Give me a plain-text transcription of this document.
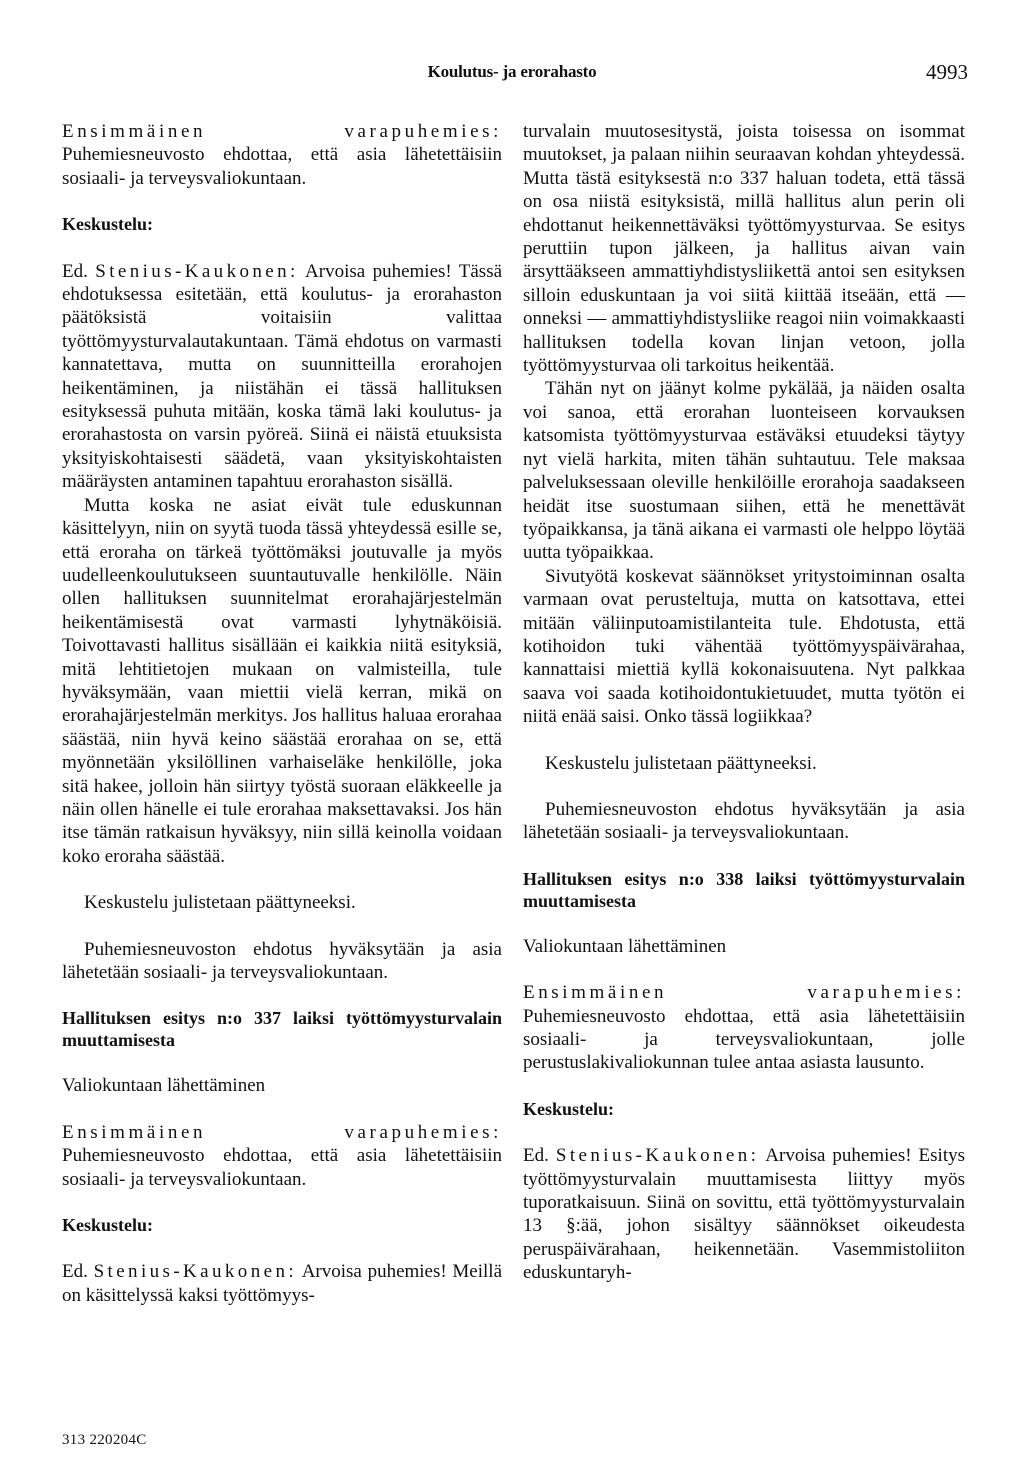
Koulutus- ja erorahasto	4993

Ensimmäinen varapuhemies: Puhemiesneuvosto ehdottaa, että asia lähetettäisiin sosiaali- ja terveysvaliokuntaan.

Keskustelu:

Ed. Stenius-Kaukonen: Arvoisa puhemies! Tässä ehdotuksessa esitetään, että koulutus- ja erorahaston päätöksistä voitaisiin valittaa työttömyysturvalautakuntaan. Tämä ehdotus on varmasti kannatettava, mutta on suunnitteilla erorahojen heikentäminen, ja niistähän ei tässä hallituksen esityksessä puhuta mitään, koska tämä laki koulutus- ja erorahastosta on varsin pyöreä. Siinä ei näistä etuuksista yksityiskohtaisesti säädetä, vaan yksityiskohtaisten määräysten antaminen tapahtuu erorahaston sisällä.

Mutta koska ne asiat eivät tule eduskunnan käsittelyyn, niin on syytä tuoda tässä yhteydessä esille se, että eroraha on tärkeä työttömäksi joutuvalle ja myös uudelleenkoulutukseen suuntautuvalle henkilölle. Näin ollen hallituksen suunnitelmat erorahajärjestelmän heikentämisestä ovat varmasti lyhytnäköisiä. Toivottavasti hallitus sisällään ei kaikkia niitä esityksiä, mitä lehtitietojen mukaan on valmisteilla, tule hyväksymään, vaan miettii vielä kerran, mikä on erorahajärjestelmän merkitys. Jos hallitus haluaa erorahaa säästää, niin hyvä keino säästää erorahaa on se, että myönnetään yksilöllinen varhaiseläke henkilölle, joka sitä hakee, jolloin hän siirtyy työstä suoraan eläkkeelle ja näin ollen hänelle ei tule erorahaa maksettavaksi. Jos hän itse tämän ratkaisun hyväksyy, niin sillä keinolla voidaan koko eroraha säästää.

Keskustelu julistetaan päättyneeksi.

Puhemiesneuvoston ehdotus hyväksytään ja asia lähetetään sosiaali- ja terveysvaliokuntaan.

Hallituksen esitys n:o 337 laiksi työttömyysturvalain muuttamisesta

Valiokuntaan lähettäminen

Ensimmäinen varapuhemies: Puhemiesneuvosto ehdottaa, että asia lähetettäisiin sosiaali- ja terveysvaliokuntaan.

Keskustelu:

Ed. Stenius-Kaukonen: Arvoisa puhemies! Meillä on käsittelyssä kaksi työttömyys-

turvalain muutosesitystä, joista toisessa on isommat muutokset, ja palaan niihin seuraavan kohdan yhteydessä. Mutta tästä esityksestä n:o 337 haluan todeta, että tässä on osa niistä esityksistä, millä hallitus alun perin oli ehdottanut heikennettäväksi työttömyysturvaa. Se esitys peruttiin tupon jälkeen, ja hallitus aivan vain ärsyttääkseen ammattiyhdistysliikettä antoi sen esityksen silloin eduskuntaan ja voi siitä kiittää itseään, että — onneksi — ammattiyhdistysliike reagoi niin voimakkaasti hallituksen todella kovan linjan vetoon, jolla työttömyysturvaa oli tarkoitus heikentää.

Tähän nyt on jäänyt kolme pykälää, ja näiden osalta voi sanoa, että erorahan luonteiseen korvauksen katsomista työttömyysturvaa estäväksi etuudeksi täytyy nyt vielä harkita, miten tähän suhtautuu. Tele maksaa palveluksessaan oleville henkilöille erorahoja saadakseen heidät itse suostumaan siihen, että he menettävät työpaikkansa, ja tänä aikana ei varmasti ole helppo löytää uutta työpaikkaa.

Sivutyötä koskevat säännökset yritystoiminnan osalta varmaan ovat perusteltuja, mutta on katsottava, ettei mitään väliinputoamistilanteita tule. Ehdotusta, että kotihoidon tuki vähentää työttömyyspäivärahaa, kannattaisi miettiä kyllä kokonaisuutena. Nyt palkkaa saava voi saada kotihoidontukietuudet, mutta työtön ei niitä enää saisi. Onko tässä logiikkaa?

Keskustelu julistetaan päättyneeksi.

Puhemiesneuvoston ehdotus hyväksytään ja asia lähetetään sosiaali- ja terveysvaliokuntaan.

Hallituksen esitys n:o 338 laiksi työttömyysturvalain muuttamisesta

Valiokuntaan lähettäminen

Ensimmäinen varapuhemies: Puhemiesneuvosto ehdottaa, että asia lähetettäisiin sosiaali- ja terveysvaliokuntaan, jolle perustuslakivaliokunnan tulee antaa asiasta lausunto.

Keskustelu:

Ed. Stenius-Kaukonen: Arvoisa puhemies! Esitys työttömyysturvalain muuttamisesta liittyy myös tuporatkaisuun. Siinä on sovittu, että työttömyysturvalain 13 §:ää, johon sisältyy säännökset oikeudesta peruspäivärahaan, heikennetään. Vasemmistoliiton eduskuntaryh-

313 220204C
